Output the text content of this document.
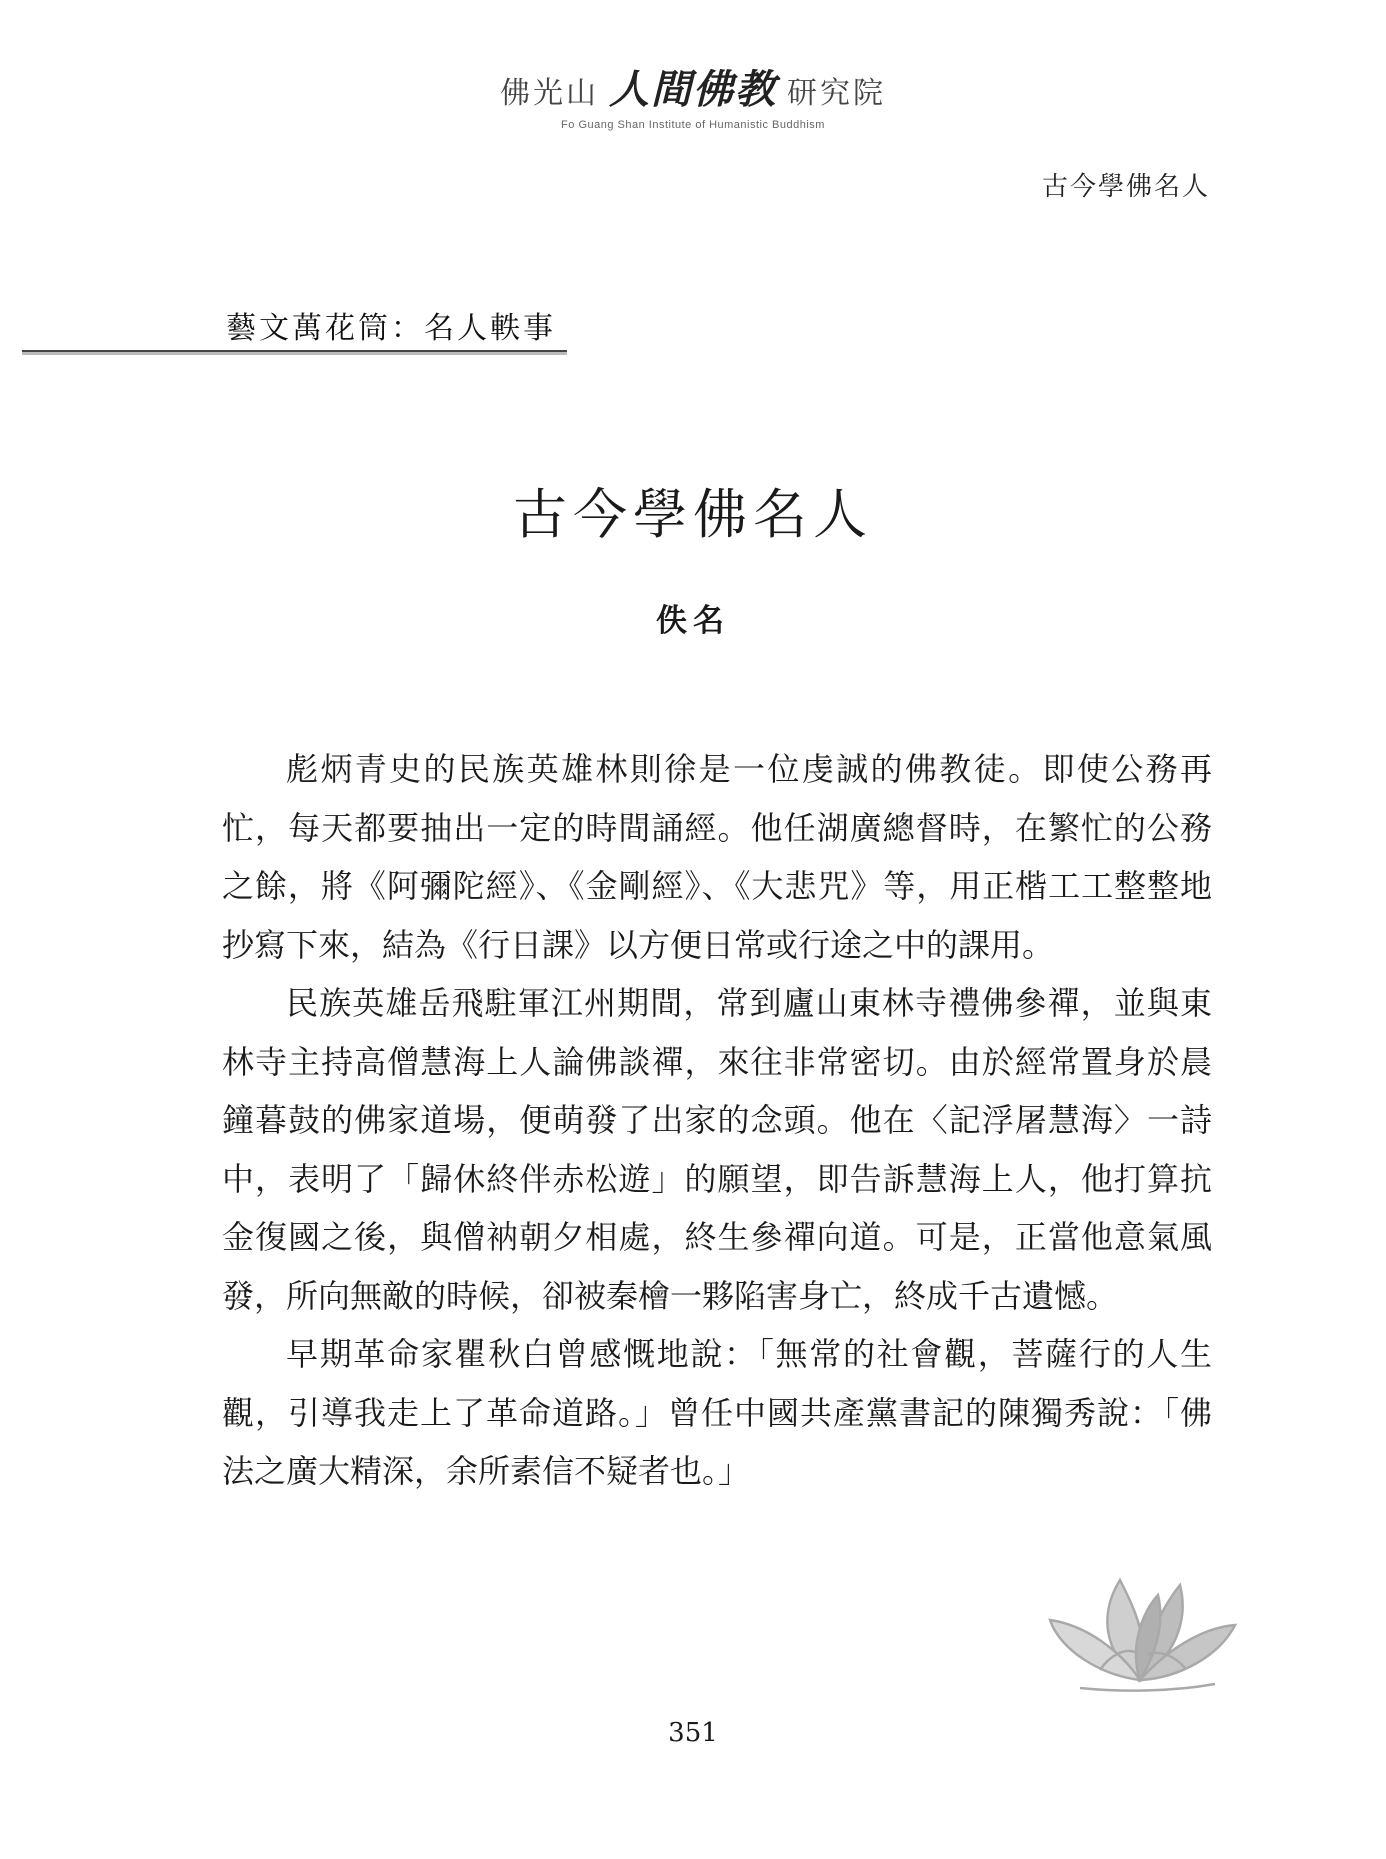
佛光山 人間佛教 研究院
Fo Guang Shan Institute of Humanistic Buddhism
古今學佛名人
藝文萬花筒：名人軼事
古今學佛名人
佚名

彪炳青史的民族英雄林則徐是一位虔誠的佛教徒。即使公務再忙，每天都要抽出一定的時間誦經。他任湖廣總督時，在繁忙的公務之餘，將《阿彌陀經》、《金剛經》、《大悲咒》等，用正楷工工整整地抄寫下來，結為《行日課》以方便日常或行途之中的課用。

民族英雄岳飛駐軍江州期間，常到廬山東林寺禮佛參禪，並與東林寺主持高僧慧海上人論佛談禪，來往非常密切。由於經常置身於晨鐘暮鼓的佛家道場，便萌發了出家的念頭。他在〈記浮屠慧海〉一詩中，表明了「歸休終伴赤松遊」的願望，即告訴慧海上人，他打算抗金復國之後，與僧衲朝夕相處，終生參禪向道。可是，正當他意氣風發，所向無敵的時候，卻被秦檜一夥陷害身亡，終成千古遺憾。

早期革命家瞿秋白曾感慨地說：「無常的社會觀，菩薩行的人生觀，引導我走上了革命道路。」曾任中國共產黨書記的陳獨秀說：「佛法之廣大精深，余所素信不疑者也。」

351
